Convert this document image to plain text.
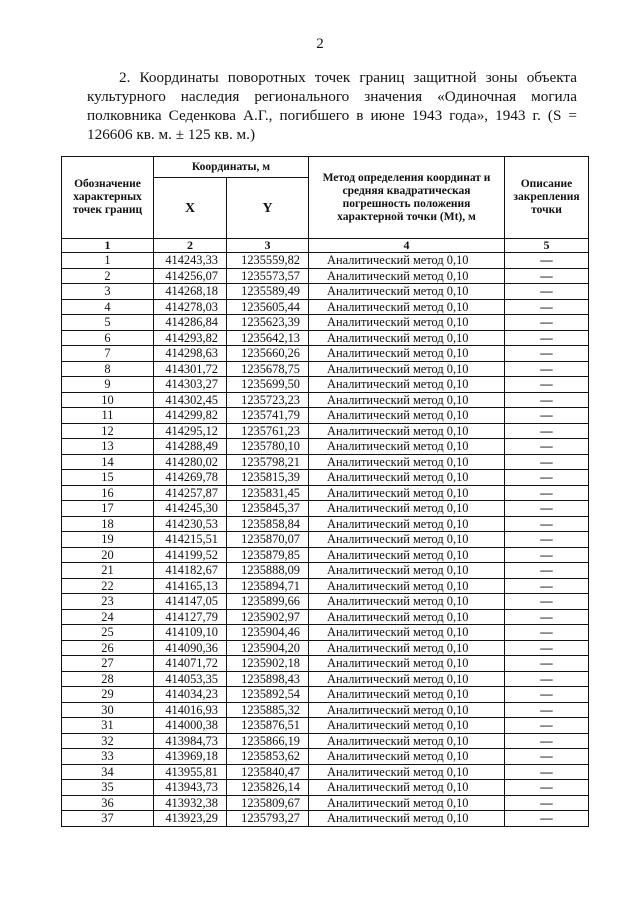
2
2. Координаты поворотных точек границ защитной зоны объекта культурного наследия регионального значения «Одиночная могила полковника Седенкова А.Г., погибшего в июне 1943 года», 1943 г. (S = 126606 кв. м. ± 125 кв. м.)
Обозначение характерных точек границ	Координаты, м		Метод определения координат и средняя квадратическая погрешность положения характерной точки (Mt), м	Описание закрепления точки
	X	Y		
1	2	3	4	5
1	414243,33	1235559,82	Аналитический метод 0,10	—
2	414256,07	1235573,57	Аналитический метод 0,10	—
3	414268,18	1235589,49	Аналитический метод 0,10	—
4	414278,03	1235605,44	Аналитический метод 0,10	—
5	414286,84	1235623,39	Аналитический метод 0,10	—
6	414293,82	1235642,13	Аналитический метод 0,10	—
7	414298,63	1235660,26	Аналитический метод 0,10	—
8	414301,72	1235678,75	Аналитический метод 0,10	—
9	414303,27	1235699,50	Аналитический метод 0,10	—
10	414302,45	1235723,23	Аналитический метод 0,10	—
11	414299,82	1235741,79	Аналитический метод 0,10	—
12	414295,12	1235761,23	Аналитический метод 0,10	—
13	414288,49	1235780,10	Аналитический метод 0,10	—
14	414280,02	1235798,21	Аналитический метод 0,10	—
15	414269,78	1235815,39	Аналитический метод 0,10	—
16	414257,87	1235831,45	Аналитический метод 0,10	—
17	414245,30	1235845,37	Аналитический метод 0,10	—
18	414230,53	1235858,84	Аналитический метод 0,10	—
19	414215,51	1235870,07	Аналитический метод 0,10	—
20	414199,52	1235879,85	Аналитический метод 0,10	—
21	414182,67	1235888,09	Аналитический метод 0,10	—
22	414165,13	1235894,71	Аналитический метод 0,10	—
23	414147,05	1235899,66	Аналитический метод 0,10	—
24	414127,79	1235902,97	Аналитический метод 0,10	—
25	414109,10	1235904,46	Аналитический метод 0,10	—
26	414090,36	1235904,20	Аналитический метод 0,10	—
27	414071,72	1235902,18	Аналитический метод 0,10	—
28	414053,35	1235898,43	Аналитический метод 0,10	—
29	414034,23	1235892,54	Аналитический метод 0,10	—
30	414016,93	1235885,32	Аналитический метод 0,10	—
31	414000,38	1235876,51	Аналитический метод 0,10	—
32	413984,73	1235866,19	Аналитический метод 0,10	—
33	413969,18	1235853,62	Аналитический метод 0,10	—
34	413955,81	1235840,47	Аналитический метод 0,10	—
35	413943,73	1235826,14	Аналитический метод 0,10	—
36	413932,38	1235809,67	Аналитический метод 0,10	—
37	413923,29	1235793,27	Аналитический метод 0,10	—
